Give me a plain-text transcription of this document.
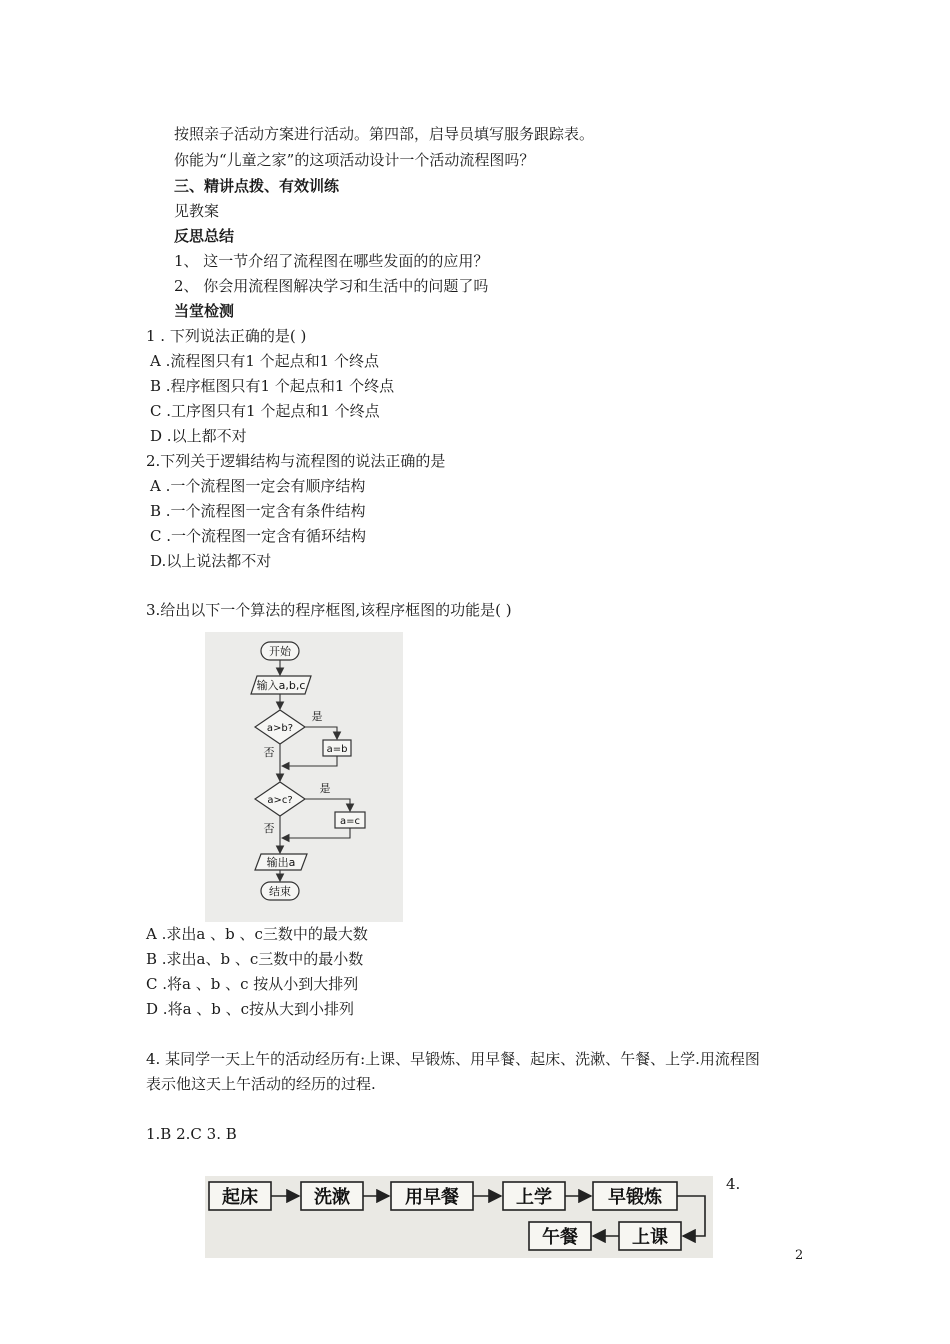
按照亲子活动方案进行活动。第四部，启导员填写服务跟踪表。
你能为“儿童之家”的这项活动设计一个活动流程图吗？
三、精讲点拨、有效训练
见教案
反思总结
1、 这一节介绍了流程图在哪些发面的的应用？
2、 你会用流程图解决学习和生活中的问题了吗
当堂检测
1 . 下列说法正确的是( )
A .流程图只有1 个起点和1 个终点
B .程序框图只有1 个起点和1 个终点
C .工序图只有1 个起点和1 个终点
D .以上都不对
2.下列关于逻辑结构与流程图的说法正确的是
A .一个流程图一定会有顺序结构
B .一个流程图一定含有条件结构
C .一个流程图一定含有循环结构
D.以上说法都不对
3.给出以下一个算法的程序框图,该程序框图的功能是( )
开始
输入a,b,c
a>b?
a=b
是
否
a>c?
a=c
是
否
输出a
结束
A .求出a 、b 、c三数中的最大数
B .求出a、b 、c三数中的最小数
C .将a 、b 、c 按从小到大排列
D .将a 、b 、c按从大到小排列
4. 某同学一天上午的活动经历有:上课、早锻炼、用早餐、起床、洗漱、午餐、上学.用流程图
表示他这天上午活动的经历的过程.
1.B 2.C 3. B
4.
起床	洗漱	用早餐	上学	早锻炼
上课
午餐
2
